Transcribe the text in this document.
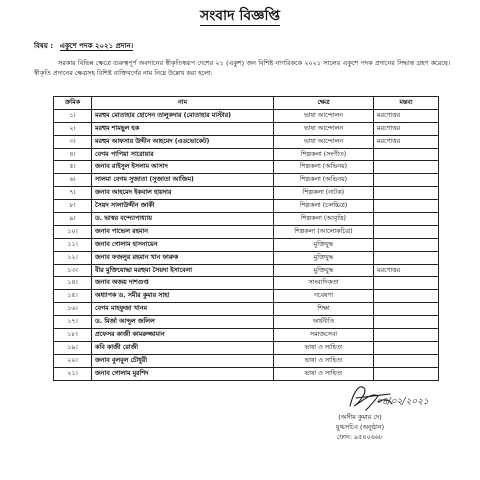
সংবাদ বিজ্ঞপ্তি
বিষয় : একুশে পদক ২০২১ প্রদান।
সরকার বিভিন্ন ক্ষেত্রে গুরুত্বপূর্ণ অবদানের স্বীকৃতিস্বরূপ দেশের ২১ (একুশ) জন বিশিষ্ট নাগরিককে ২০২১ সালের একুশে পদক প্রদানের সিদ্ধান্ত গ্রহণ করেছে। স্বীকৃতি প্রদানের ক্ষেত্রসহ বিশিষ্ট ব্যক্তিবর্গের নাম নিম্নে উল্লেখ করা হলো:
ক্রমিক	নাম	ক্ষেত্র	মন্তব্য
১।	মরহুম মোতাহার হোসেন তালুকদার (মোতাহার মাস্টার)	ভাষা আন্দোলন	মরণোত্তর
২।	মরহুম শামছুল হক	ভাষা আন্দোলন	মরণোত্তর
৩।	মরহুম আফসার উদ্দীন আহমেদ (এডভোকেট)	ভাষা আন্দোলন	মরণোত্তর
৪।	বেগম পাপিয়া সারোয়ার	শিল্পকলা (সংগীত)	
৫।	জনাব রাইসুল ইসলাম আসাদ	শিল্পকলা (অভিনয়)	
৬।	সালমা বেগম সুজাতা (সুজাতা আজিম)	শিল্পকলা (অভিনয়)	
৭।	জনাব আহমেদ ইকবাল হায়দার	শিল্পকলা (নাটক)	
৮।	সৈয়দ সালাউদ্দীন জাকী	শিল্পকলা (চলচ্চিত্র)	
৯।	ড. ভাস্বর বন্দ্যোপাধ্যায়	শিল্পকলা (আবৃত্তি)	
১০।	জনাব পাভেল রহমান	শিল্পকলা (আলোকচিত্র)	
১১।	জনাব গোলাম হাসনায়েন	মুক্তিযুদ্ধ	
১২।	জনাব ফজলুর রহমান খান ফারুক	মুক্তিযুদ্ধ	
১৩।	বীর মুক্তিযোদ্ধা মরহুমা সৈয়দা ইসাবেলা	মুক্তিযুদ্ধ	মরণোত্তর
১৪।	জনাব অজয় দাশগুপ্ত	সাংবাদিকতা	
১৫।	অধ্যাপক ড. সমীর কুমার সাহা	গবেষণা	
১৬।	বেগম মাহফুজা খানম	শিক্ষা	
১৭।	ড. মির্জা আব্দুল জলিল	অর্থনীতি	
১৮।	প্রফেসর কাজী কামরুজ্জামান	সমাজসেবা	
১৯।	কবি কাজী রোজী	ভাষা ও সাহিত্য	
২০।	জনাব বুলবুল চৌধুরী	ভাষা ও সাহিত্য	
২১।	জনাব গোলাম মুরশিদ	ভাষা ও সাহিত্য	
০৪/০২/২০২১
(অসীম কুমার দে)
যুগ্মসচিব (অনুষ্ঠান)
ফোন: ৯৫৪০৬৬৮
